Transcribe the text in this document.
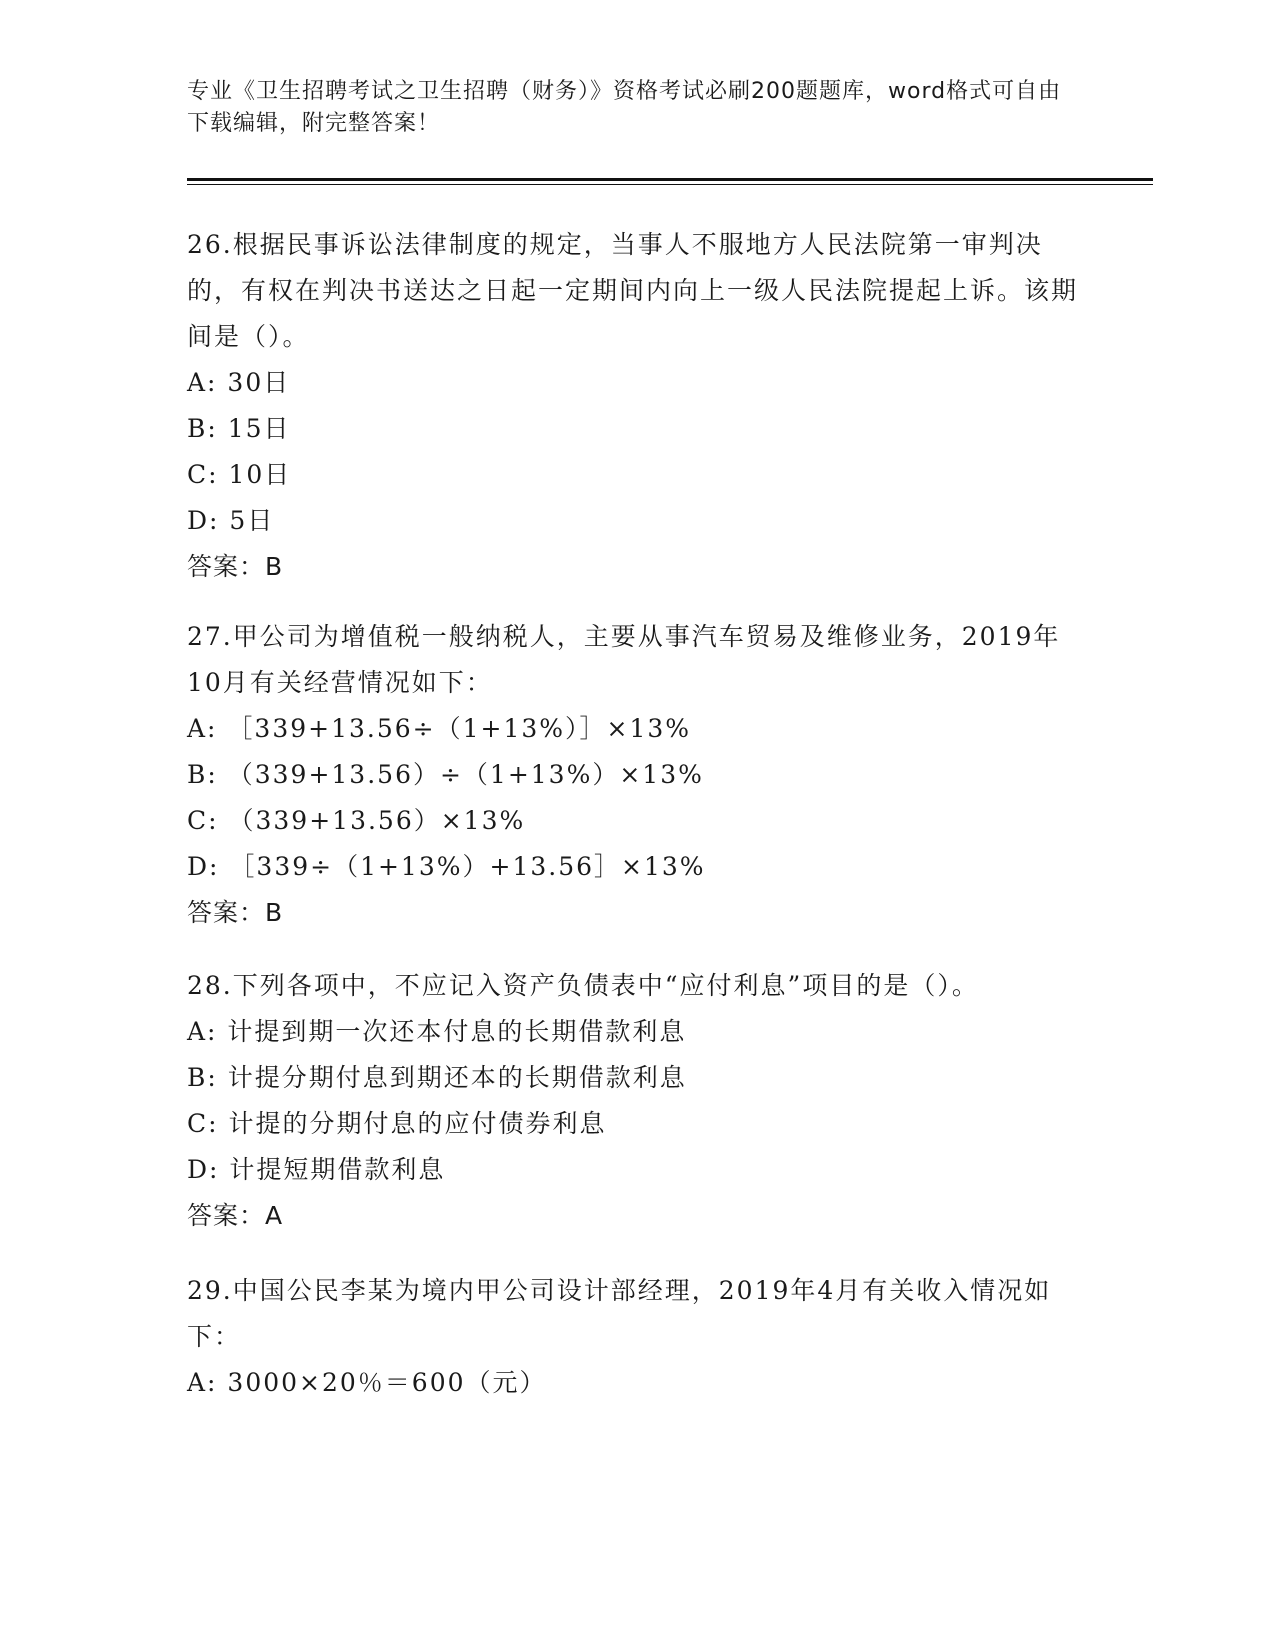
专业《卫生招聘考试之卫生招聘（财务）》资格考试必刷200题题库，word格式可自由下载编辑，附完整答案！
26.根据民事诉讼法律制度的规定，当事人不服地方人民法院第一审判决的，有权在判决书送达之日起一定期间内向上一级人民法院提起上诉。该期间是（）。
A: 30日
B: 15日
C: 10日
D: 5日
答案：B
27.甲公司为增值税一般纳税人，主要从事汽车贸易及维修业务，2019年10月有关经营情况如下：
A: ［339+13.56÷（1+13%）］×13%
B: （339+13.56）÷（1+13%）×13%
C: （339+13.56）×13%
D: ［339÷（1+13%）+13.56］×13%
答案：B
28.下列各项中，不应记入资产负债表中“应付利息”项目的是（）。
A: 计提到期一次还本付息的长期借款利息
B: 计提分期付息到期还本的长期借款利息
C: 计提的分期付息的应付债券利息
D: 计提短期借款利息
答案：A
29.中国公民李某为境内甲公司设计部经理，2019年4月有关收入情况如下：
A: 3000×20％＝600（元）
